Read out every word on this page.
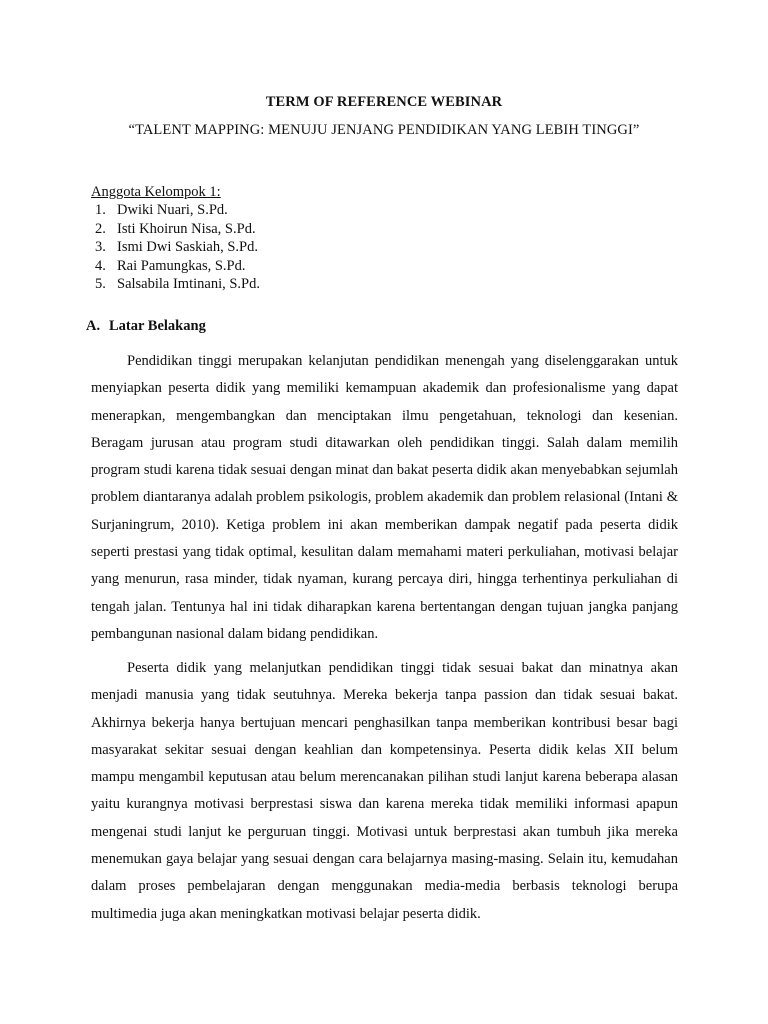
TERM OF REFERENCE WEBINAR
“TALENT MAPPING: MENUJU JENJANG PENDIDIKAN YANG LEBIH TINGGI”
Anggota Kelompok 1:
1. Dwiki Nuari, S.Pd.
2. Isti Khoirun Nisa, S.Pd.
3. Ismi Dwi Saskiah, S.Pd.
4. Rai Pamungkas, S.Pd.
5. Salsabila Imtinani, S.Pd.
A. Latar Belakang

Pendidikan tinggi merupakan kelanjutan pendidikan menengah yang diselenggarakan untuk menyiapkan peserta didik yang memiliki kemampuan akademik dan profesionalisme yang dapat menerapkan, mengembangkan dan menciptakan ilmu pengetahuan, teknologi dan kesenian. Beragam jurusan atau program studi ditawarkan oleh pendidikan tinggi. Salah dalam memilih program studi karena tidak sesuai dengan minat dan bakat peserta didik akan menyebabkan sejumlah problem diantaranya adalah problem psikologis, problem akademik dan problem relasional (Intani & Surjaningrum, 2010). Ketiga problem ini akan memberikan dampak negatif pada peserta didik seperti prestasi yang tidak optimal, kesulitan dalam memahami materi perkuliahan, motivasi belajar yang menurun, rasa minder, tidak nyaman, kurang percaya diri, hingga terhentinya perkuliahan di tengah jalan. Tentunya hal ini tidak diharapkan karena bertentangan dengan tujuan jangka panjang pembangunan nasional dalam bidang pendidikan.

Peserta didik yang melanjutkan pendidikan tinggi tidak sesuai bakat dan minatnya akan menjadi manusia yang tidak seutuhnya. Mereka bekerja tanpa passion dan tidak sesuai bakat. Akhirnya bekerja hanya bertujuan mencari penghasilkan tanpa memberikan kontribusi besar bagi masyarakat sekitar sesuai dengan keahlian dan kompetensinya. Peserta didik kelas XII belum mampu mengambil keputusan atau belum merencanakan pilihan studi lanjut karena beberapa alasan yaitu kurangnya motivasi berprestasi siswa dan karena mereka tidak memiliki informasi apapun mengenai studi lanjut ke perguruan tinggi. Motivasi untuk berprestasi akan tumbuh jika mereka menemukan gaya belajar yang sesuai dengan cara belajarnya masing-masing. Selain itu, kemudahan dalam proses pembelajaran dengan menggunakan media-media berbasis teknologi berupa multimedia juga akan meningkatkan motivasi belajar peserta didik.
